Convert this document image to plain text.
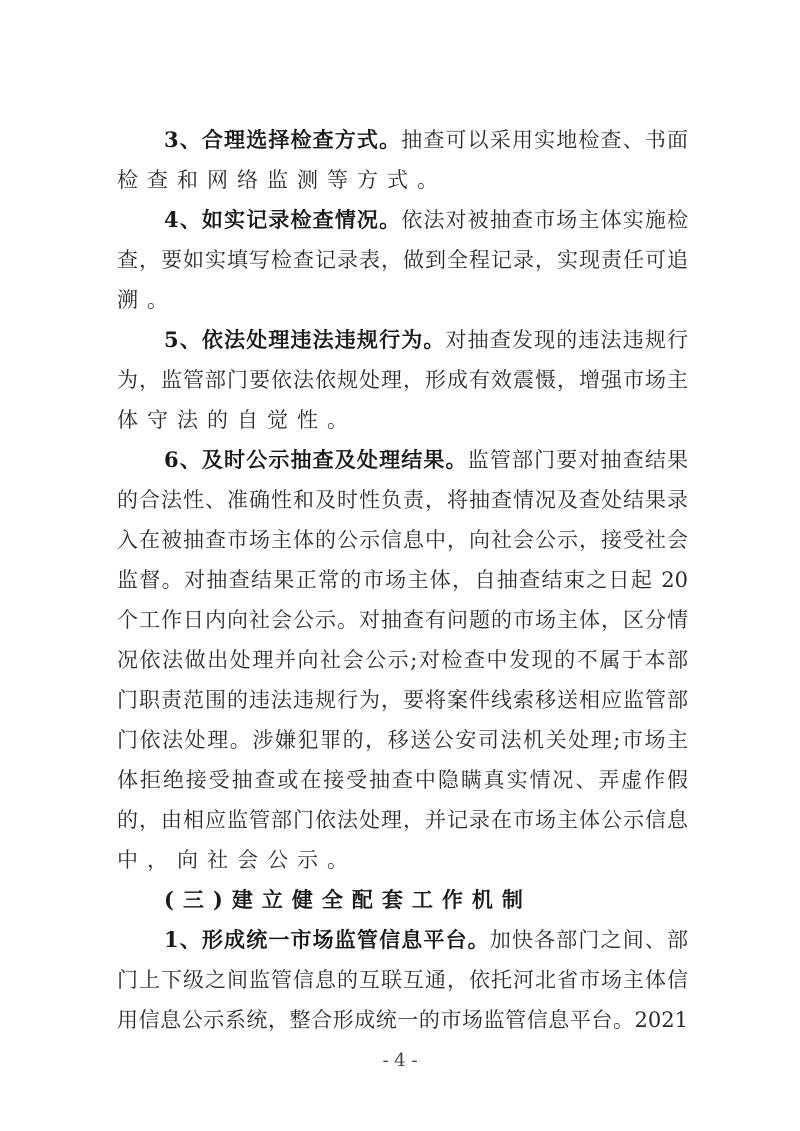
3、合理选择检查方式。抽查可以采用实地检查、书面
检查和网络监测等方式。
4、如实记录检查情况。依法对被抽查市场主体实施检
查，要如实填写检查记录表，做到全程记录，实现责任可追
溯。
5、依法处理违法违规行为。对抽查发现的违法违规行
为，监管部门要依法依规处理，形成有效震慑，增强市场主
体守法的自觉性。
6、及时公示抽查及处理结果。监管部门要对抽查结果
的合法性、准确性和及时性负责，将抽查情况及查处结果录
入在被抽查市场主体的公示信息中，向社会公示，接受社会
监督。对抽查结果正常的市场主体，自抽查结束之日起 20
个工作日内向社会公示。对抽查有问题的市场主体，区分情
况依法做出处理并向社会公示;对检查中发现的不属于本部
门职责范围的违法违规行为，要将案件线索移送相应监管部
门依法处理。涉嫌犯罪的，移送公安司法机关处理;市场主
体拒绝接受抽查或在接受抽查中隐瞒真实情况、弄虚作假
的，由相应监管部门依法处理，并记录在市场主体公示信息
中，向社会公示。
(三)建立健全配套工作机制
1、形成统一市场监管信息平台。加快各部门之间、部
门上下级之间监管信息的互联互通，依托河北省市场主体信
用信息公示系统，整合形成统一的市场监管信息平台。2021
- 4 -
